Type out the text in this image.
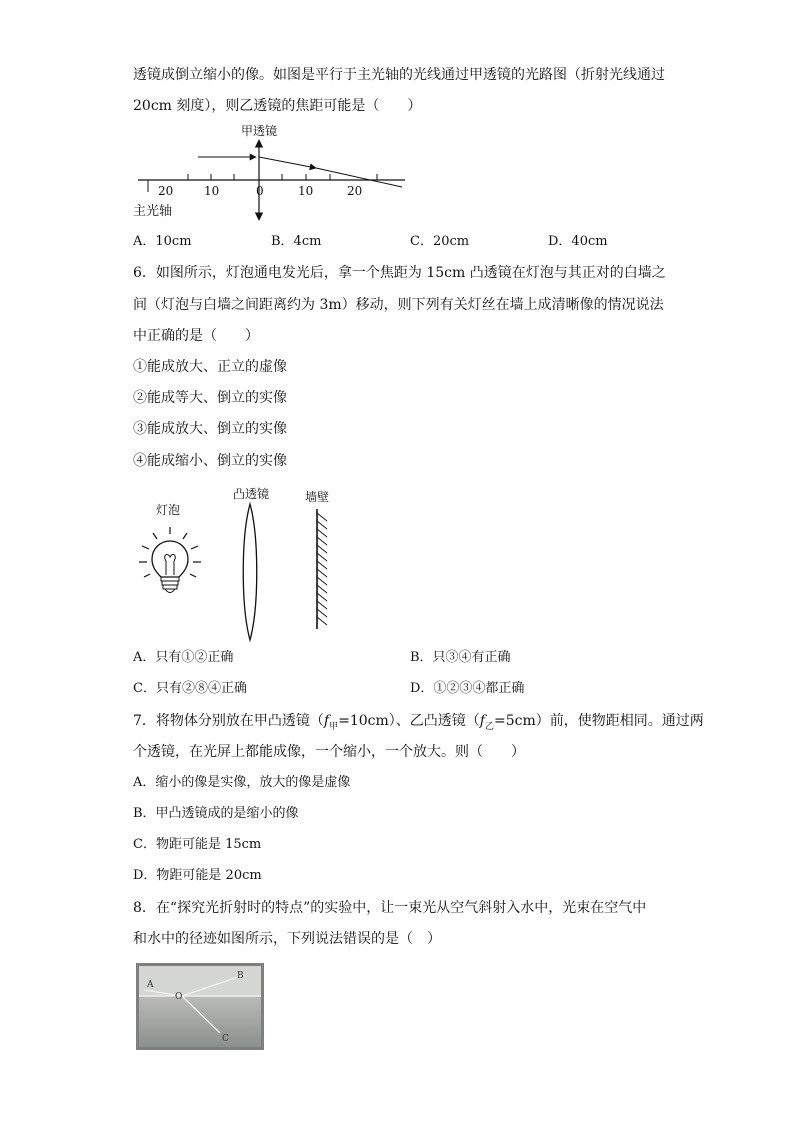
透镜成倒立缩小的像。如图是平行于主光轴的光线通过甲透镜的光路图（折射光线通过
20cm 刻度），则乙透镜的焦距可能是（　　）
甲透镜
20	10	0	10	20
主光轴
A．10cm	B．4cm	C．20cm	D．40cm
6．如图所示，灯泡通电发光后，拿一个焦距为 15cm 凸透镜在灯泡与其正对的白墙之
间（灯泡与白墙之间距离约为 3m）移动，则下列有关灯丝在墙上成清晰像的情况说法
中正确的是（　　）
①能成放大、正立的虚像
②能成等大、倒立的实像
③能成放大、倒立的实像
④能成缩小、倒立的实像
灯泡
凸透镜	墙壁
A．只有①②正确	B．只③④有正确
C．只有②⑧④正确	D．①②③④都正确
7．将物体分别放在甲凸透镜$(f_甲=10cm)$、乙凸透镜$(f_乙=5cm)$前，使物距相同。通过两
个透镜，在光屏上都能成像，一个缩小，一个放大。则（　　）
A．缩小的像是实像，放大的像是虚像
B．甲凸透镜成的是缩小的像
C．物距可能是 15cm
D．物距可能是 20cm
8．在“探究光折射时的特点”的实验中，让一束光从空气斜射入水中，光束在空气中
和水中的径迹如图所示，下列说法错误的是（　）
A
B
O
C
